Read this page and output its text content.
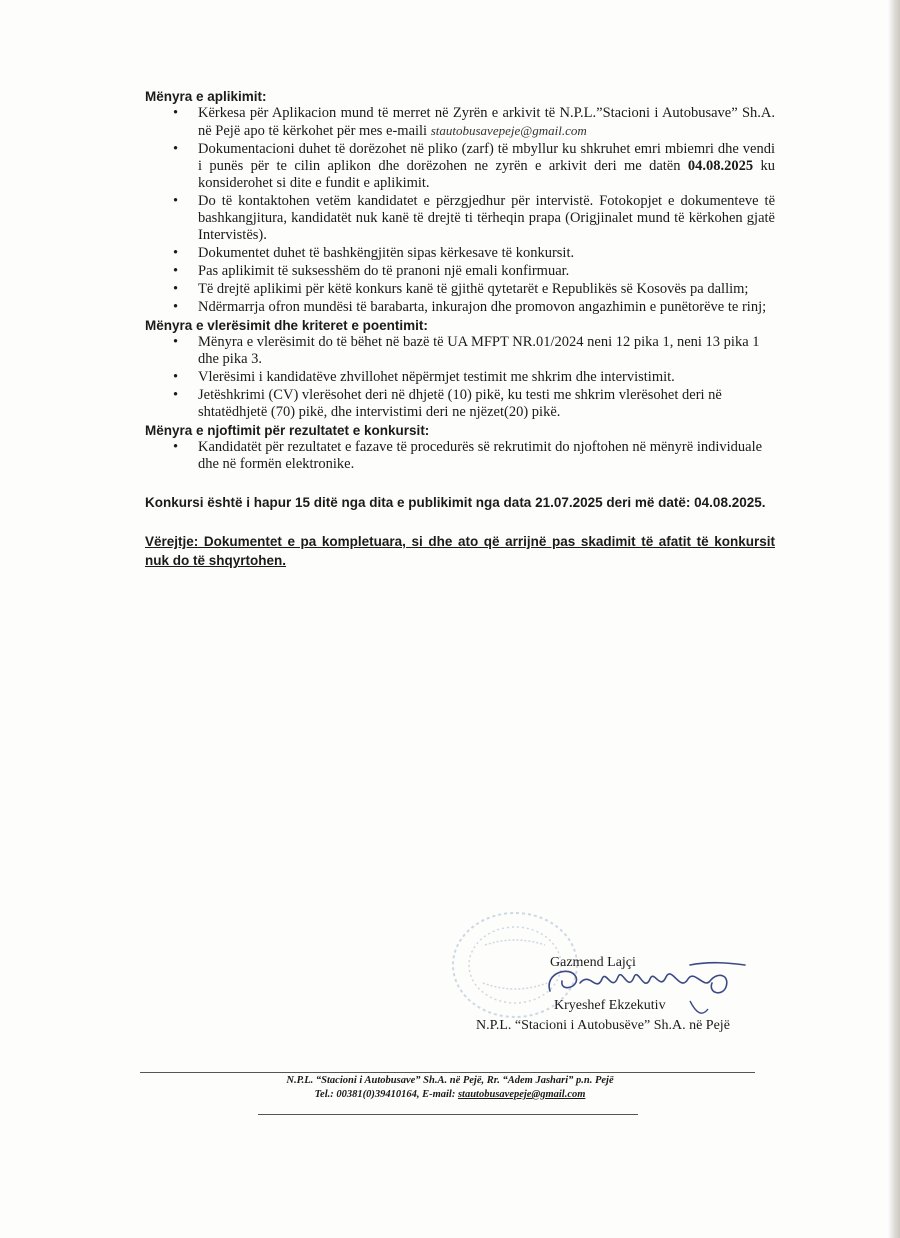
Mënyra e aplikimit:
• Kërkesa për Aplikacion mund të merret në Zyrën e arkivit të N.P.L.”Stacioni i Autobusave” Sh.A. në Pejë apo të kërkohet për mes e-maili stautobusavepeje@gmail.com
• Dokumentacioni duhet të dorëzohet në pliko (zarf) të mbyllur ku shkruhet emri mbiemri dhe vendi i punës për te cilin aplikon dhe dorëzohen ne zyrën e arkivit deri me datën 04.08.2025 ku konsiderohet si dite e fundit e aplikimit.
• Do të kontaktohen vetëm kandidatet e përzgjedhur për intervistë. Fotokopjet e dokumenteve të bashkangjitura, kandidatët nuk kanë të drejtë ti tërheqin prapa (Origjinalet mund të kërkohen gjatë Intervistës).
• Dokumentet duhet të bashkëngjitën sipas kërkesave të konkursit.
• Pas aplikimit të suksesshëm do të pranoni një emali konfirmuar.
• Të drejtë aplikimi për këtë konkurs kanë të gjithë qytetarët e Republikës së Kosovës pa dallim;
• Ndërmarrja ofron mundësi të barabarta, inkurajon dhe promovon angazhimin e punëtorëve te rinj;
Mënyra e vlerësimit dhe kriteret e poentimit:
• Mënyra e vlerësimit do të bëhet në bazë të UA MFPT NR.01/2024 neni 12 pika 1, neni 13 pika 1 dhe pika 3.
• Vlerësimi i kandidatëve zhvillohet nëpërmjet testimit me shkrim dhe intervistimit.
• Jetëshkrimi (CV) vlerësohet deri në dhjetë (10) pikë, ku testi me shkrim vlerësohet deri në shtatëdhjetë (70) pikë, dhe intervistimi deri ne njëzet(20) pikë.
Mënyra e njoftimit për rezultatet e konkursit:
• Kandidatët për rezultatet e fazave të procedurës së rekrutimit do njoftohen në mënyrë individuale dhe në formën elektronike.

Konkursi është i hapur 15 ditë nga dita e publikimit nga data 21.07.2025 deri më datë: 04.08.2025.

Vërejtje: Dokumentet e pa kompletuara, si dhe ato që arrijnë pas skadimit të afatit të konkursit nuk do të shqyrtohen.

Gazmend Lajçi
Kryeshef Ekzekutiv
N.P.L. “Stacioni i Autobusëve” Sh.A. në Pejë
N.P.L. “Stacioni i Autobusave” Sh.A. në Pejë, Rr. “Adem Jashari” p.n. Pejë
Tel.: 00381(0)39410164, E-mail: stautobusavepeje@gmail.com
